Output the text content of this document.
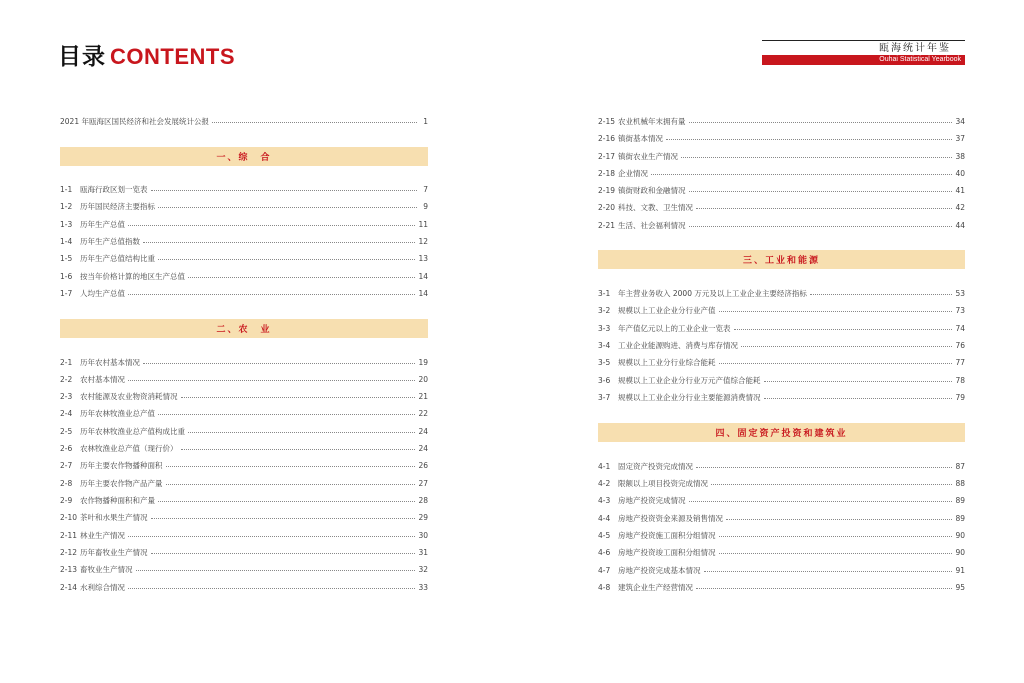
目录 CONTENTS	瓯海统计年鉴
Ouhai Statistical Yearbook
2021 年瓯海区国民经济和社会发展统计公报	1
一、综　合
1-1	瓯海行政区划一览表	7
1-2	历年国民经济主要指标	9
1-3	历年生产总值	11
1-4	历年生产总值指数	12
1-5	历年生产总值结构比重	13
1-6	按当年价格计算的地区生产总值	14
1-7	人均生产总值	14
二、农　业
2-1	历年农村基本情况	19
2-2	农村基本情况	20
2-3	农村能源及农业物资消耗情况	21
2-4	历年农林牧渔业总产值	22
2-5	历年农林牧渔业总产值构成比重	24
2-6	农林牧渔业总产值（现行价）	24
2-7	历年主要农作物播种面积	26
2-8	历年主要农作物产品产量	27
2-9	农作物播种面积和产量	28
2-10 茶叶和水果生产情况	29
2-11 林业生产情况	30
2-12 历年畜牧业生产情况	31
2-13 畜牧业生产情况	32
2-14 水利综合情况	33
2-15 农业机械年末拥有量	34
2-16 镇街基本情况	37
2-17 镇街农业生产情况	38
2-18 企业情况	40
2-19 镇街财政和金融情况	41
2-20 科技、文教、卫生情况	42
2-21 生活、社会福利情况	44
三、工业和能源
3-1	年主营业务收入 2000 万元及以上工业企业主要经济指标	53
3-2	规模以上工业企业分行业产值	73
3-3	年产值亿元以上的工业企业一览表	74
3-4	工业企业能源购进、消费与库存情况	76
3-5	规模以上工业分行业综合能耗	77
3-6	规模以上工业企业分行业万元产值综合能耗	78
3-7	规模以上工业企业分行业主要能源消费情况	79
四、固定资产投资和建筑业
4-1	固定资产投资完成情况	87
4-2	限额以上项目投资完成情况	88
4-3	房地产投资完成情况	89
4-4	房地产投资资金来源及销售情况	89
4-5	房地产投资施工面积分组情况	90
4-6	房地产投资竣工面积分组情况	90
4-7	房地产投资完成基本情况	91
4-8	建筑企业生产经营情况	95
